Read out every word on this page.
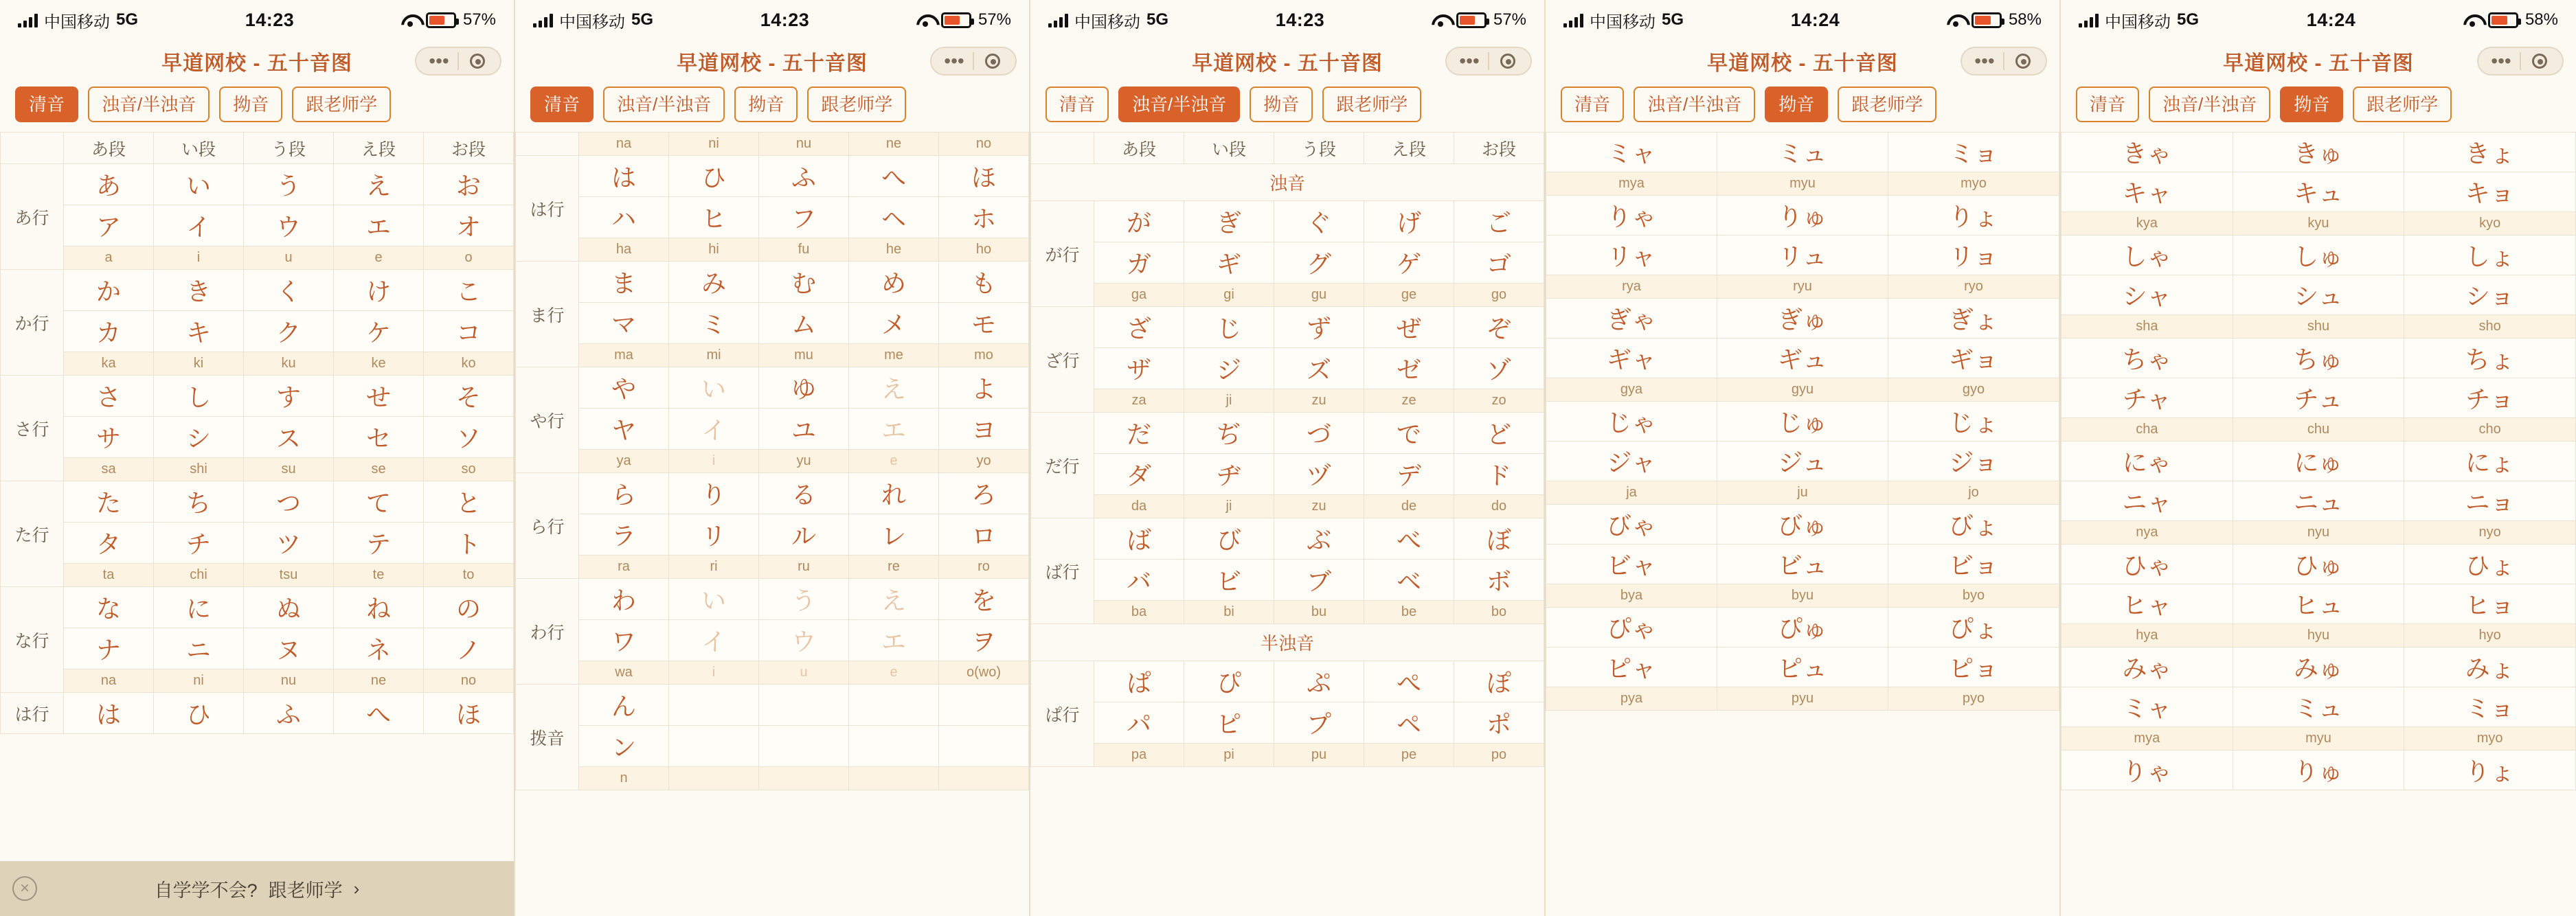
中国移动 5G	14:23	57%
早道网校 - 五十音图	•••
清音	浊音/半浊音	拗音	跟老师学
	あ段	い段	う段	え段	お段
あ行	あ	い	う	え	お
	ア	イ	ウ	エ	オ
	a	i	u	e	o
か行	か	き	く	け	こ
	カ	キ	ク	ケ	コ
	ka	ki	ku	ke	ko
さ行	さ	し	す	せ	そ
	サ	シ	ス	セ	ソ
	sa	shi	su	se	so
た行	た	ち	つ	て	と
	タ	チ	ツ	テ	ト
	ta	chi	tsu	te	to
な行	な	に	ぬ	ね	の
	ナ	ニ	ヌ	ネ	ノ
	na	ni	nu	ne	no
は行	は	ひ	ふ	へ	ほ
×	自学学不会? 跟老师学 ›
中国移动 5G	14:23	57%
早道网校 - 五十音图	•••
清音	浊音/半浊音	拗音	跟老师学
	na	ni	nu	ne	no
は行	は	ひ	ふ	へ	ほ
	ハ	ヒ	フ	ヘ	ホ
	ha	hi	fu	he	ho
ま行	ま	み	む	め	も
	マ	ミ	ム	メ	モ
	ma	mi	mu	me	mo
や行	や	い	ゆ	え	よ
	ヤ	イ	ユ	エ	ヨ
	ya	i	yu	e	yo
ら行	ら	り	る	れ	ろ
	ラ	リ	ル	レ	ロ
	ra	ri	ru	re	ro
わ行	わ	い	う	え	を
	ワ	イ	ウ	エ	ヲ
	wa	i	u	e	o(wo)
拨音	ん				
	ン				
	n				
中国移动 5G	14:23	57%
早道网校 - 五十音图	•••
清音	浊音/半浊音	拗音	跟老师学
	あ段	い段	う段	え段	お段
浊音					
が行	が	ぎ	ぐ	げ	ご
	ガ	ギ	グ	ゲ	ゴ
	ga	gi	gu	ge	go
ざ行	ざ	じ	ず	ぜ	ぞ
	ザ	ジ	ズ	ゼ	ゾ
	za	ji	zu	ze	zo
だ行	だ	ぢ	づ	で	ど
	ダ	ヂ	ヅ	デ	ド
	da	ji	zu	de	do
ば行	ば	び	ぶ	べ	ぼ
	バ	ビ	ブ	ベ	ボ
	ba	bi	bu	be	bo
半浊音					
ぱ行	ぱ	ぴ	ぷ	ぺ	ぽ
	パ	ピ	プ	ペ	ポ
	pa	pi	pu	pe	po
中国移动 5G	14:24	58%
早道网校 - 五十音图	•••
清音	浊音/半浊音	拗音	跟老师学
ミャ	ミュ	ミョ
mya	myu	myo
りゃ	りゅ	りょ
リャ	リュ	リョ
rya	ryu	ryo
ぎゃ	ぎゅ	ぎょ
ギャ	ギュ	ギョ
gya	gyu	gyo
じゃ	じゅ	じょ
ジャ	ジュ	ジョ
ja	ju	jo
びゃ	びゅ	びょ
ビャ	ビュ	ビョ
bya	byu	byo
ぴゃ	ぴゅ	ぴょ
ピャ	ピュ	ピョ
pya	pyu	pyo
中国移动 5G	14:24	58%
早道网校 - 五十音图	•••
清音	浊音/半浊音	拗音	跟老师学
きゃ	きゅ	きょ
キャ	キュ	キョ
kya	kyu	kyo
しゃ	しゅ	しょ
シャ	シュ	ショ
sha	shu	sho
ちゃ	ちゅ	ちょ
チャ	チュ	チョ
cha	chu	cho
にゃ	にゅ	にょ
ニャ	ニュ	ニョ
nya	nyu	nyo
ひゃ	ひゅ	ひょ
ヒャ	ヒュ	ヒョ
hya	hyu	hyo
みゃ	みゅ	みょ
ミャ	ミュ	ミョ
mya	myu	myo
りゃ	りゅ	りょ
